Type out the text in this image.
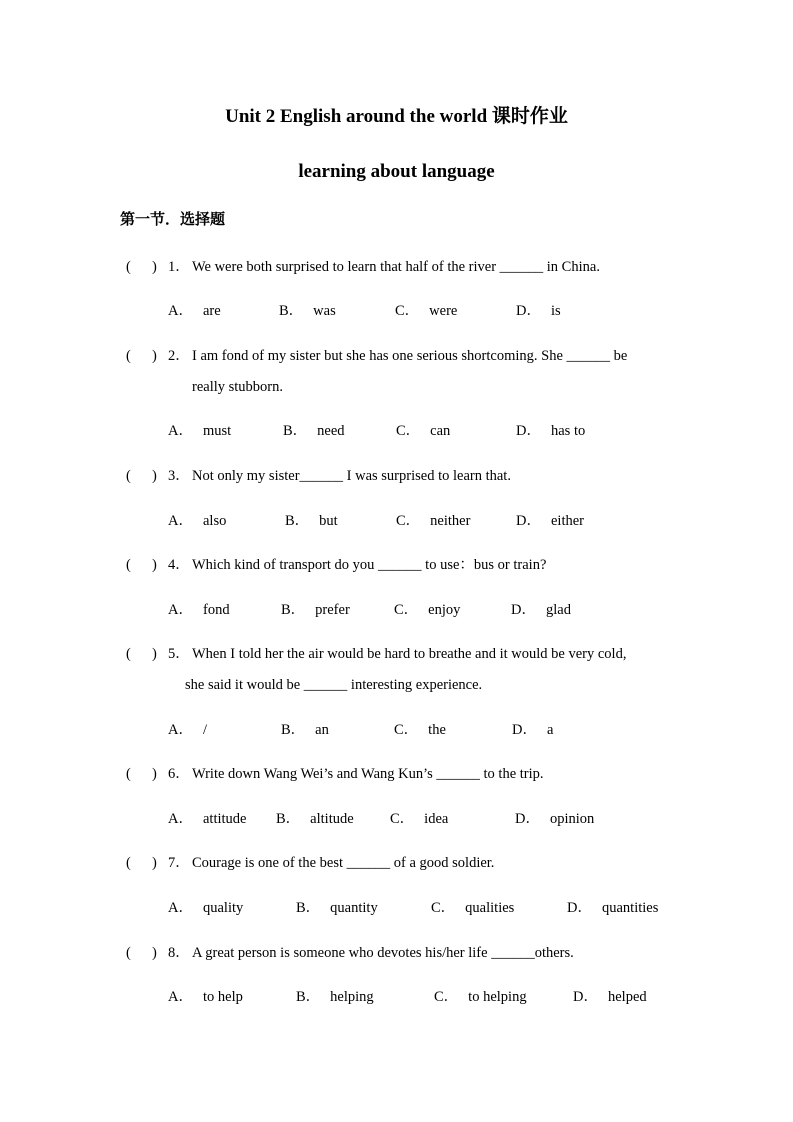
Unit 2 English around the world 课时作业
learning about language
第一节．选择题
( ) 1． We were both surprised to learn that half of the river ______ in China.
A． are	B． was	C． were	D． is
( ) 2． I am fond of my sister but she has one serious shortcoming. She ______ be
really stubborn.
A． must	B． need	C． can	D． has to
( ) 3． Not only my sister______ I was surprised to learn that.
A． also	B． but	C． neither	D． either
( ) 4． Which kind of transport do you ______ to use：bus or train?
A． fond	B． prefer	C． enjoy	D． glad
( ) 5． When I told her the air would be hard to breathe and it would be very cold,
she said it would be ______ interesting experience.
A． /	B． an	C． the	D． a
( ) 6． Write down Wang Wei’s and Wang Kun’s ______ to the trip.
A． attitude B． altitude	C． idea	D． opinion
( ) 7． Courage is one of the best ______ of a good soldier.
A． quality	B． quantity	C． qualities	D． quantities
( ) 8． A great person is someone who devotes his/her life ______others.
A． to help	B． helping	C． to helping	D． helped
